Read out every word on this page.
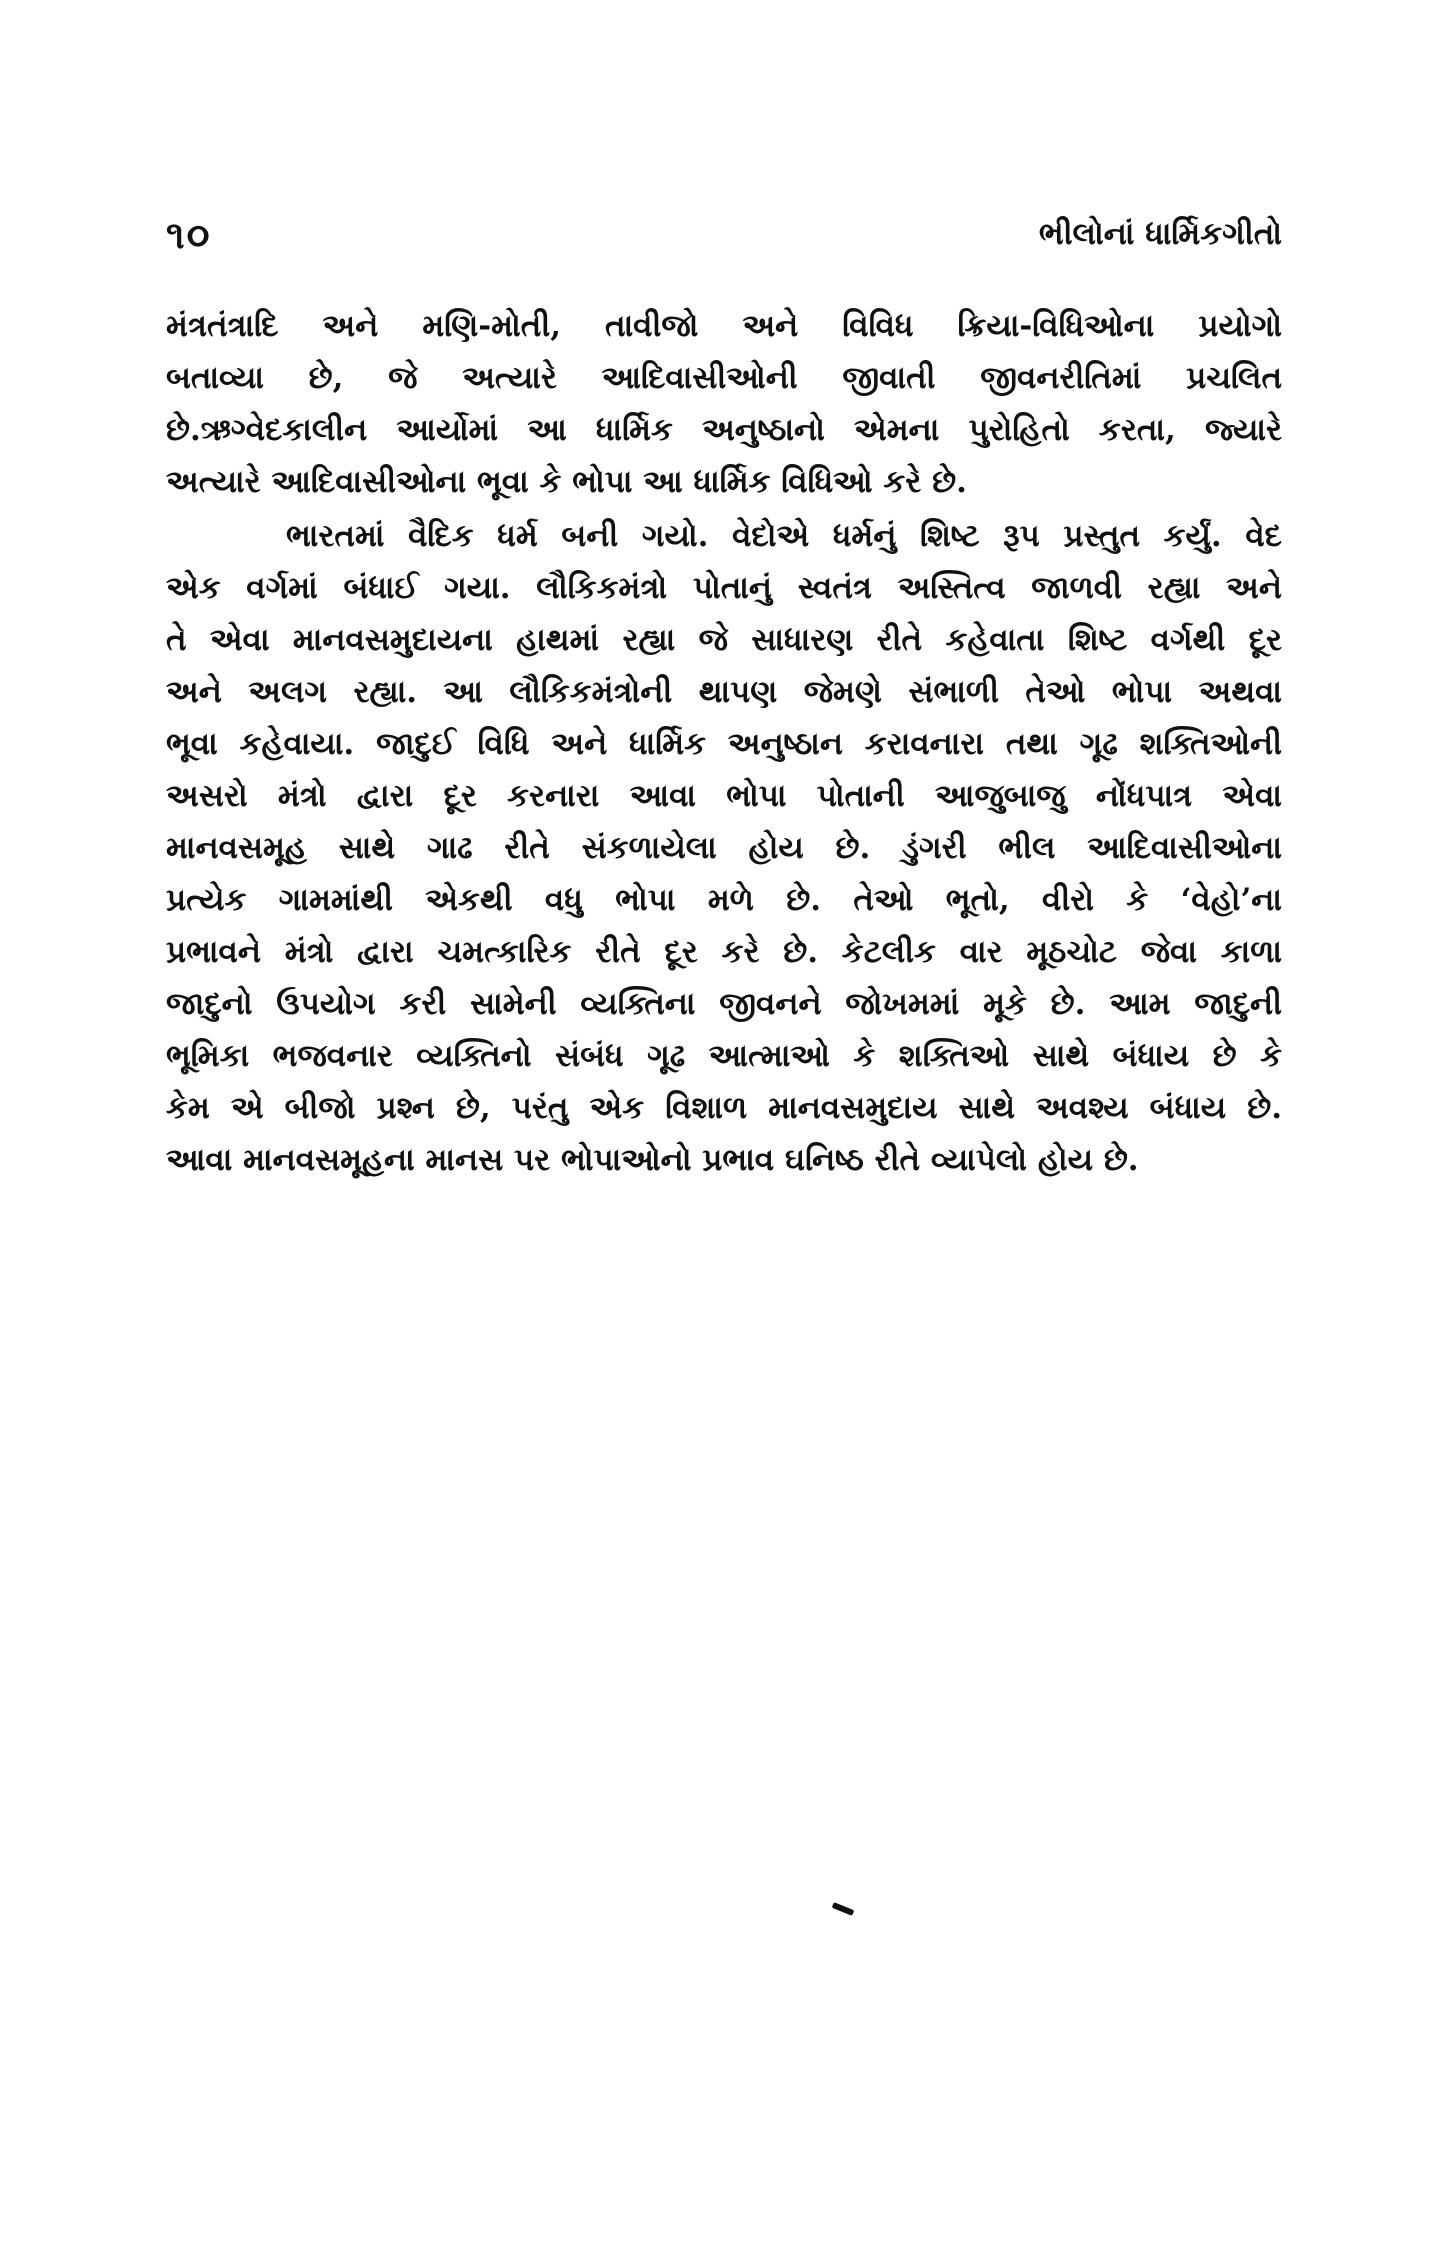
૧૦	ભીલોનાં ધાર્મિકગીતો
મંત્રતંત્રાદિ અને મણિ-મોતી, તાવીજો અને વિવિધ ક્રિયા-વિધિઓના પ્રયોગો
બતાવ્યા છે, જે અત્યારે આદિવાસીઓની જીવાતી જીવનરીતિમાં પ્રચલિત
છે.ઋગ્વેદકાલીન આર્યોમાં આ ધાર્મિક અનુષ્ઠાનો એમના પુરોહિતો કરતા, જ્યારે
અત્યારે આદિવાસીઓના ભૂવા કે ભોપા આ ધાર્મિક વિધિઓ કરે છે.
ભારતમાં વૈદિક ધર્મ બની ગયો. વેદોએ ધર્મનું શિષ્ટ રૂપ પ્રસ્તુત કર્યું. વેદ
એક વર્ગમાં બંધાઈ ગયા. લૌકિકમંત્રો પોતાનું સ્વતંત્ર અસ્તિત્વ જાળવી રહ્યા અને
તે એવા માનવસમુદાયના હાથમાં રહ્યા જે સાધારણ રીતે કહેવાતા શિષ્ટ વર્ગથી દૂર
અને અલગ રહ્યા. આ લૌકિકમંત્રોની થાપણ જેમણે સંભાળી તેઓ ભોપા અથવા
ભૂવા કહેવાયા. જાદુઈ વિધિ અને ધાર્મિક અનુષ્ઠાન કરાવનારા તથા ગૂઢ શક્તિઓની
અસરો મંત્રો દ્વારા દૂર કરનારા આવા ભોપા પોતાની આજુબાજુ નોંધપાત્ર એવા
માનવસમૂહ સાથે ગાઢ રીતે સંકળાયેલા હોય છે. ડુંગરી ભીલ આદિવાસીઓના
પ્રત્યેક ગામમાંથી એકથી વધુ ભોપા મળે છે. તેઓ ભૂતો, વીરો કે ‘વેહો’ના
પ્રભાવને મંત્રો દ્વારા ચમત્કારિક રીતે દૂર કરે છે. કેટલીક વાર મૂઠચોટ જેવા કાળા
જાદુનો ઉપયોગ કરી સામેની વ્યક્તિના જીવનને જોખમમાં મૂકે છે. આમ જાદુની
ભૂમિકા ભજવનાર વ્યક્તિનો સંબંધ ગૂઢ આત્માઓ કે શક્તિઓ સાથે બંધાય છે કે
કેમ એ બીજો પ્રશ્ન છે, પરંતુ એક વિશાળ માનવસમુદાય સાથે અવશ્ય બંધાય છે.
આવા માનવસમૂહના માનસ પર ભોપાઓનો પ્રભાવ ઘનિષ્ઠ રીતે વ્યાપેલો હોય છે.
